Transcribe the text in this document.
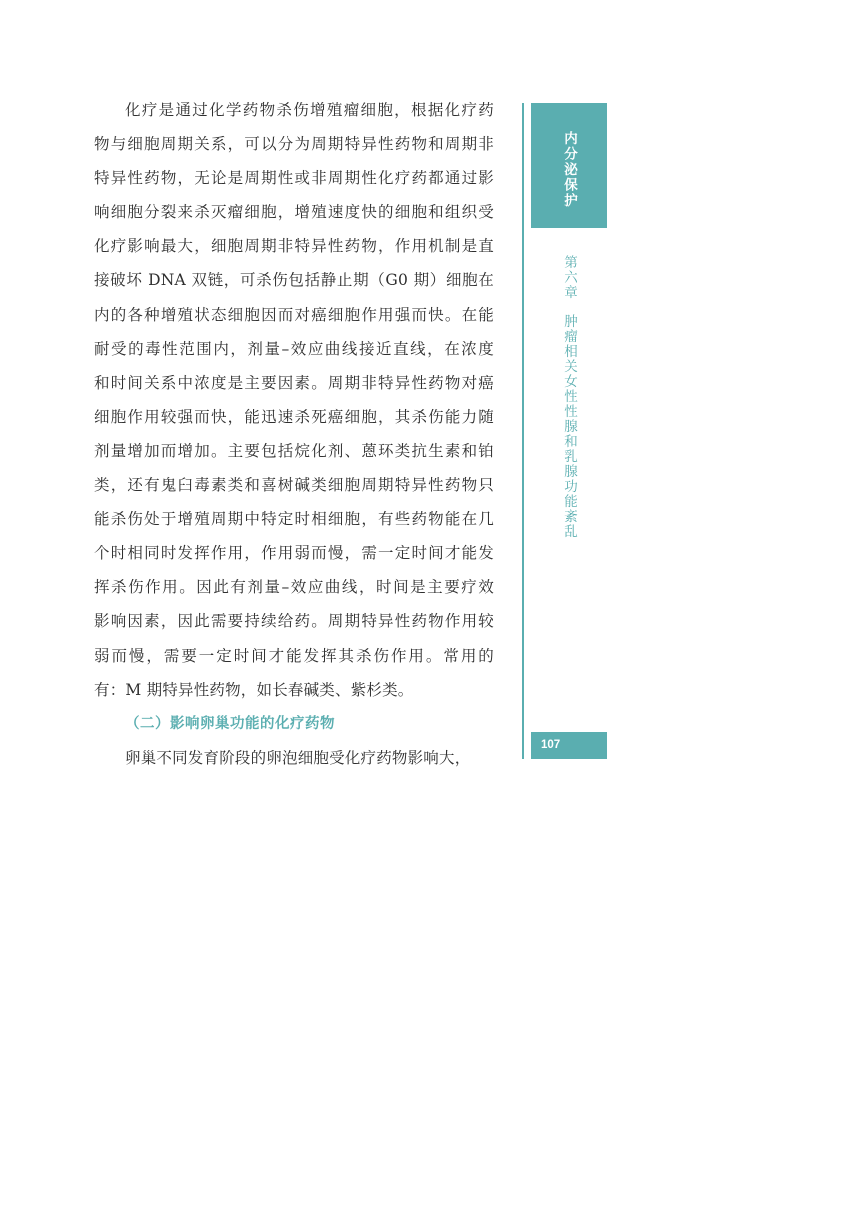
化疗是通过化学药物杀伤增殖瘤细胞，根据化疗药
物与细胞周期关系，可以分为周期特异性药物和周期非
特异性药物，无论是周期性或非周期性化疗药都通过影
响细胞分裂来杀灭瘤细胞，增殖速度快的细胞和组织受
化疗影响最大，细胞周期非特异性药物，作用机制是直
接破坏 DNA 双链，可杀伤包括静止期（G0 期）细胞在
内的各种增殖状态细胞因而对癌细胞作用强而快。在能
耐受的毒性范围内，剂量–效应曲线接近直线，在浓度
和时间关系中浓度是主要因素。周期非特异性药物对癌
细胞作用较强而快，能迅速杀死癌细胞，其杀伤能力随
剂量增加而增加。主要包括烷化剂、蒽环类抗生素和铂
类，还有鬼臼毒素类和喜树碱类细胞周期特异性药物只
能杀伤处于增殖周期中特定时相细胞，有些药物能在几
个时相同时发挥作用，作用弱而慢，需一定时间才能发
挥杀伤作用。因此有剂量–效应曲线，时间是主要疗效
影响因素，因此需要持续给药。周期特异性药物作用较
弱而慢，需要一定时间才能发挥其杀伤作用。常用的
有：M 期特异性药物，如长春碱类、紫杉类。
（二）影响卵巢功能的化疗药物
卵巢不同发育阶段的卵泡细胞受化疗药物影响大，
内分泌保护
第六章肿瘤相关女性性腺和乳腺功能紊乱
107
